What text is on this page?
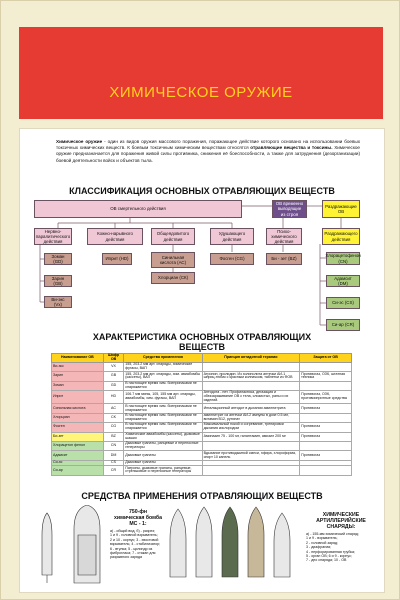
ХИМИЧЕСКОЕ ОРУЖИЕ
Химическое оружие - один из видов оружия массового поражения, поражающее действие которого основано на использовании боевых токсичных химических веществ. К боевым токсичным химическим веществам относятся отравляющие вещества и токсины. Химическое оружие предназначается для поражения живой силы противника, снижения её боеспособности, а также для затруднения (дезорганизации) боевой деятельности войск и объектов тыла.
КЛАССИФИКАЦИЯ ОСНОВНЫХ ОТРАВЛЯЮЩИХ ВЕЩЕСТВ
ОВ смертельного действия
ОВ временно выводящие из строя
Раздражающие ОВ
Нервно-паралитического действия
Кожно-нарывного действия
Общеядовитого действия
Удушающего действия
Психо-химического действия
Раздражающего действия
Зоман (GD)
Зарин (GB)
Ви-экс (Vx)
Иприт (HD)	Синильная кислота (АС)
Хлорциан (СК)
Фосген (CG)	Би - зет (BZ)
Хлорацетофенон (CN)
Адамсит (DM)
Си-эс (CS)
Си-ар (CR)
ХАРАКТЕРИСТИКА ОСНОВНЫХ ОТРАВЛЯЮЩИХ
ВЕЩЕСТВ
Наименование ОВ	Шифр ОВ	Средства применения	Принцип антидотной терапии	Защита от ОВ
Ви-экс	VX	155, 203.2 мм арт. снаряды, химические фугасы, ВАП		
Зарин	GB	155, 203.2 мм арт. снаряды, хим. авиабомбы (кассеты), ВАП	Атропин, пролидин. Из холинолита аптечки АИ-1 шприц-тюбик с красным колпачком, таблетки из ФОВ	Противогаз, ОЗК, штатная техника
Зоман	GD	В настоящее время хим. боеприпасами не снаряжается		
Иприт	HD	106.7 мм мины, 105, 155 мм арт. снаряды, авиабомбы, хим. фугасы, ВАП	Антидота - нет. Профилактика, дегазация и обеззараживание ОВ с тела, слизистых, раны и их изделий.	Противогаз, ОЗК, противоипритные средства
Синильная кислота	AC	В настоящее время хим. боеприпасами не снаряжается	Ингаляционный антидот в дыхании амилнитрита	Противогаз
Хлорциан	CK	В настоящее время хим. боеприпасами не снаряжается	амилнитрит из аптечки АИ-2 ампулы в дозе 0.5 мл, витамин В12, рутинат	
Фосген	CG	В настоящее время хим. боеприпасами не снаряжается	Максимальный покой и согревание, тренировки дыхания кислородом	Противогаз
Би-зет	BZ	Химические авиабомбы (кассеты), дымовые шашки	Аминазин 75 - 100 мг, галантамин, амизил 200 мг	Противогаз
Хлорацетон фенол	CN	Дымовые гранаты, ранцевые и переносные генераторы		
Адамсит	DM	Дымовые гранаты	Вдыхание противодымной смеси, эфира, хлороформа, спирт 10 капель	Противогаз
Си-эс	CS	Дымовые гранаты		
Си-ар	CR	Патроны, дымовые гранаты, ранцевые, стрельковые и переносные генераторы		
СРЕДСТВА ПРИМЕНЕНИЯ ОТРАВЛЯЮЩИХ ВЕЩЕСТВ
750-фн
химическая бомба
МС - 1:
а) - общий вид, б) - разрез;
1 и 9 - головной взрыватель;
2 и 10 - корпус; 3 - хвостовой
взрыватель; 4 - стабилизатор;
6 - втулка; 5 - цилиндр из
фиброгласа; 7 - стакан для
разрывного заряда
ХИМИЧЕСКИЕ
АРТИЛЛЕРИЙСКИЕ
СНАРЯДЫ:
а) - 155-мм химический снаряд;
1 и 9 - взрыватель;
2 - головной заряд;
3 - диафрагма;
4 - перфорированная трубка;
5 - орган ОВ; 6 и 9 - корпус;
7 - дно снаряда; 10 - ОВ
